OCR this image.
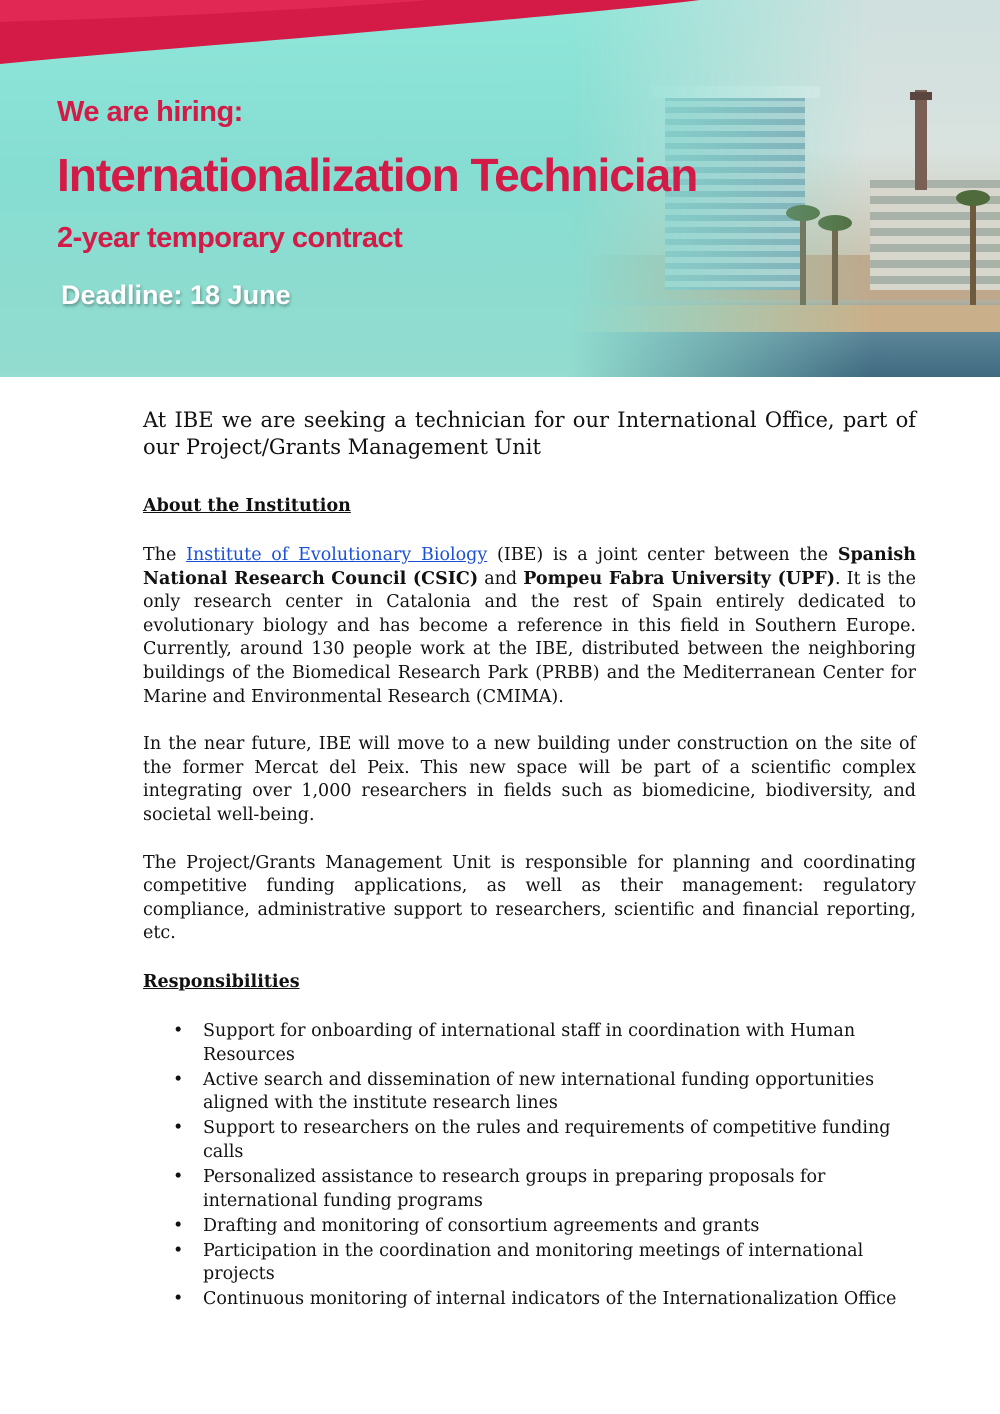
We are hiring:
Internationalization Technician
2-year temporary contract
Deadline: 18 June

At IBE we are seeking a technician for our International Office, part of our Project/Grants Management Unit

About the Institution

The Institute of Evolutionary Biology (IBE) is a joint center between the Spanish National Research Council (CSIC) and Pompeu Fabra University (UPF). It is the only research center in Catalonia and the rest of Spain entirely dedicated to evolutionary biology and has become a reference in this field in Southern Europe. Currently, around 130 people work at the IBE, distributed between the neighboring buildings of the Biomedical Research Park (PRBB) and the Mediterranean Center for Marine and Environmental Research (CMIMA).

In the near future, IBE will move to a new building under construction on the site of the former Mercat del Peix. This new space will be part of a scientific complex integrating over 1,000 researchers in fields such as biomedicine, biodiversity, and societal well-being.

The Project/Grants Management Unit is responsible for planning and coordinating competitive funding applications, as well as their management: regulatory compliance, administrative support to researchers, scientific and financial reporting, etc.

Responsibilities
• Support for onboarding of international staff in coordination with Human Resources
• Active search and dissemination of new international funding opportunities aligned with the institute research lines
• Support to researchers on the rules and requirements of competitive funding calls
• Personalized assistance to research groups in preparing proposals for international funding programs
• Drafting and monitoring of consortium agreements and grants
• Participation in the coordination and monitoring meetings of international projects
• Continuous monitoring of internal indicators of the Internationalization Office
